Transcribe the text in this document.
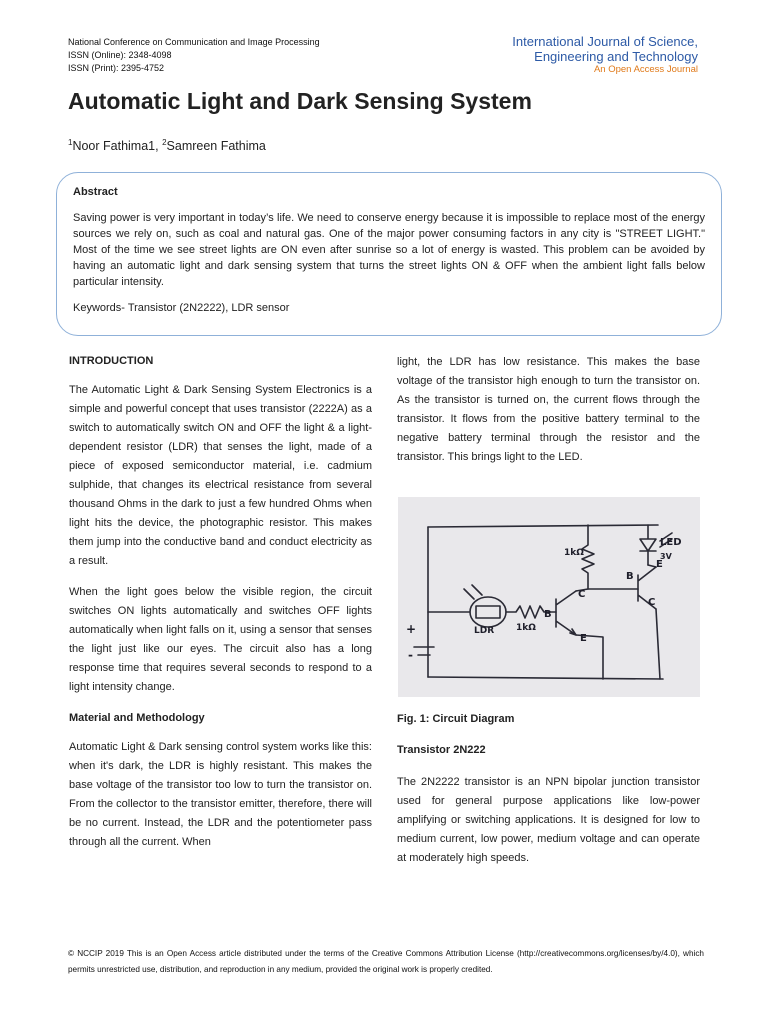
National Conference on Communication and Image Processing
ISSN (Online): 2348-4098
ISSN (Print): 2395-4752
International Journal of Science,
Engineering and Technology
An Open Access Journal
Automatic Light and Dark Sensing System
$^1$Noor Fathima1, $^2$Samreen Fathima
Abstract

Saving power is very important in today’s life. We need to conserve energy because it is impossible to replace most of the energy sources we rely on, such as coal and natural gas. One of the major power consuming factors in any city is "STREET LIGHT." Most of the time we see street lights are ON even after sunrise so a lot of energy is wasted. This problem can be avoided by having an automatic light and dark sensing system that turns the street lights ON & OFF when the ambient light falls below particular intensity.

Keywords- Transistor (2N2222), LDR sensor
INTRODUCTION

The Automatic Light & Dark Sensing System Electronics is a simple and powerful concept that uses transistor (2222A) as a switch to automatically switch ON and OFF the light & a light-dependent resistor (LDR) that senses the light, made of a piece of exposed semiconductor material, i.e. cadmium sulphide, that changes its electrical resistance from several thousand Ohms in the dark to just a few hundred Ohms when light hits the device, the photographic resistor. This makes them jump into the conductive band and conduct electricity as a result.

When the light goes below the visible region, the circuit switches ON lights automatically and switches OFF lights automatically when light falls on it, using a sensor that senses the light just like our eyes. The circuit also has a long response time that requires several seconds to respond to a light intensity change.

Material and Methodology

Automatic Light & Dark sensing control system works like this: when it's dark, the LDR is highly resistant. This makes the base voltage of the transistor too low to turn the transistor on. From the collector to the transistor emitter, therefore, there will be no current. Instead, the LDR and the potentiometer pass through all the current. When

light, the LDR has low resistance. This makes the base voltage of the transistor high enough to turn the transistor on. As the transistor is turned on, the current flows through the transistor. It flows from the positive battery terminal to the negative battery terminal through the resistor and the transistor. This brings light to the LED.

LED
3V
1kΩ
1kΩ
LDR
C
B
E
B
E
C
+
-
Fig. 1: Circuit Diagram
Transistor 2N222
The 2N2222 transistor is an NPN bipolar junction transistor used for general purpose applications like low-power amplifying or switching applications. It is designed for low to medium current, low power, medium voltage and can operate at moderately high speeds.
© NCCIP 2019 This is an Open Access article distributed under the terms of the Creative Commons Attribution License (http://creativecommons.org/licenses/by/4.0), which permits unrestricted use, distribution, and reproduction in any medium, provided the original work is properly credited.
